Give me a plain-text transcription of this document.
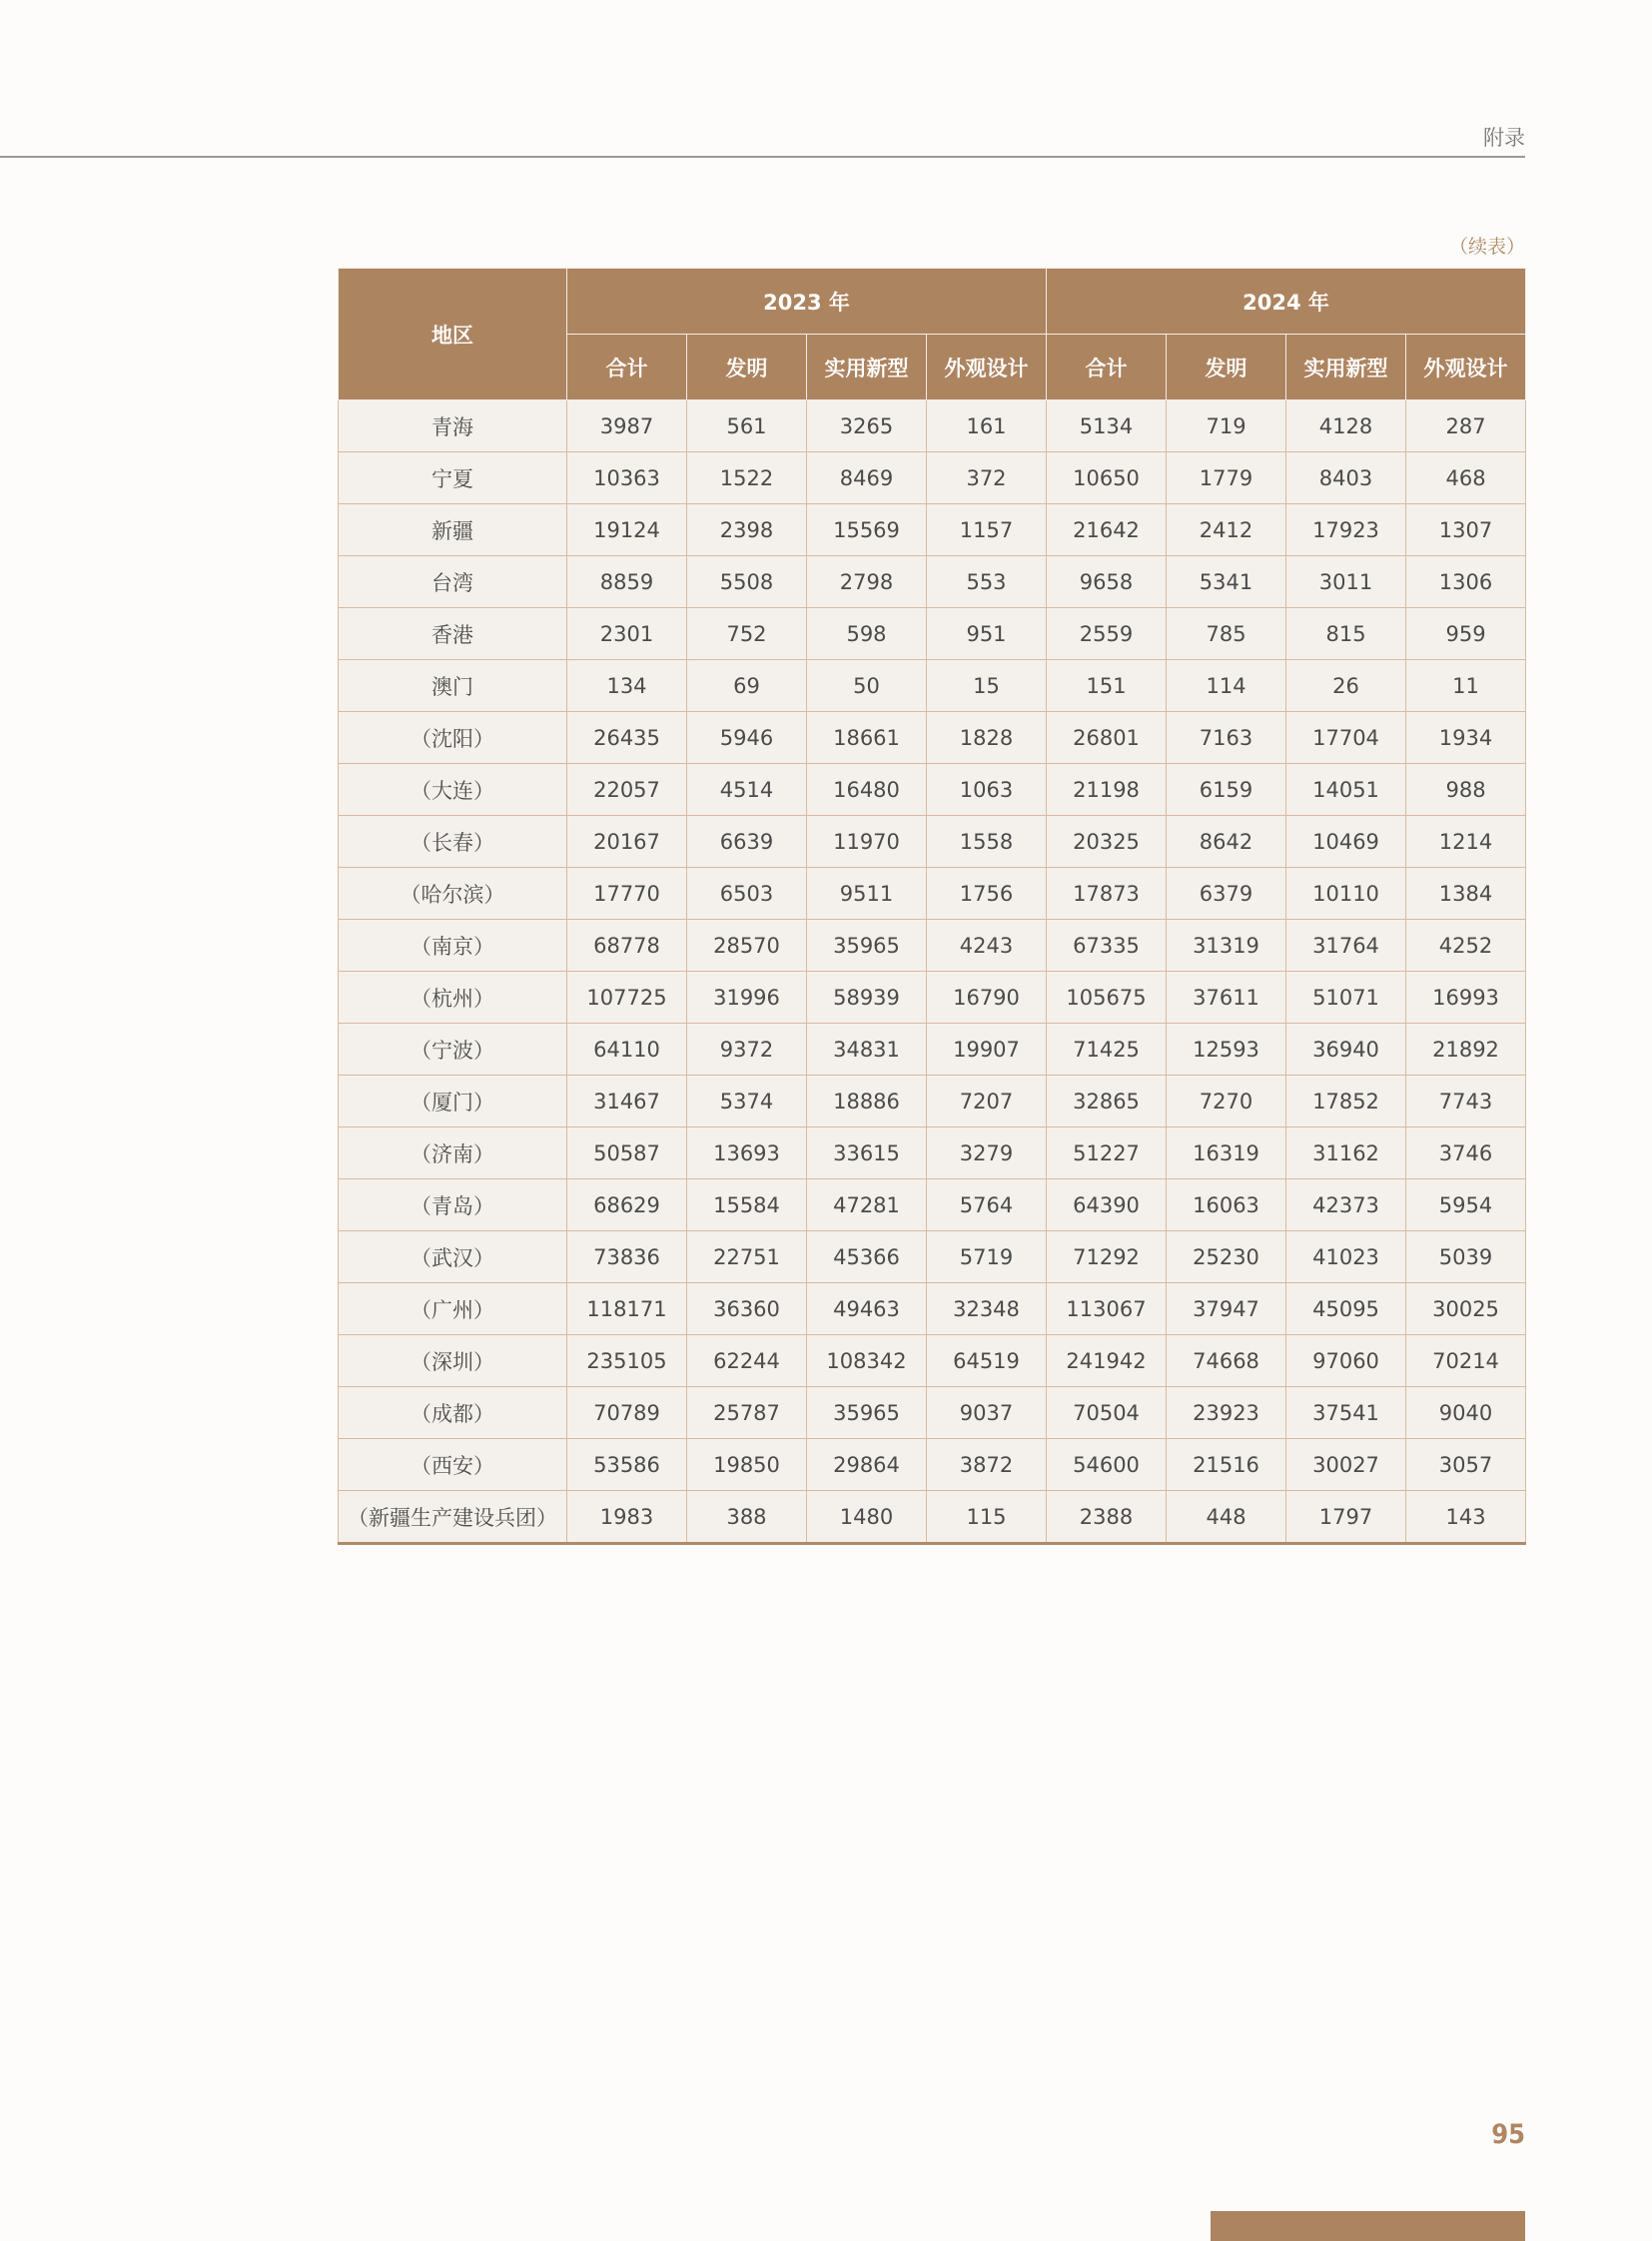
附录
（续表）
地区	2023 年				2024 年			
	合计	发明	实用新型	外观设计	合计	发明	实用新型	外观设计
青海	3987	561	3265	161	5134	719	4128	287
宁夏	10363	1522	8469	372	10650	1779	8403	468
新疆	19124	2398	15569	1157	21642	2412	17923	1307
台湾	8859	5508	2798	553	9658	5341	3011	1306
香港	2301	752	598	951	2559	785	815	959
澳门	134	69	50	15	151	114	26	11
（沈阳）	26435	5946	18661	1828	26801	7163	17704	1934
（大连）	22057	4514	16480	1063	21198	6159	14051	988
（长春）	20167	6639	11970	1558	20325	8642	10469	1214
（哈尔滨）	17770	6503	9511	1756	17873	6379	10110	1384
（南京）	68778	28570	35965	4243	67335	31319	31764	4252
（杭州）	107725	31996	58939	16790	105675	37611	51071	16993
（宁波）	64110	9372	34831	19907	71425	12593	36940	21892
（厦门）	31467	5374	18886	7207	32865	7270	17852	7743
（济南）	50587	13693	33615	3279	51227	16319	31162	3746
（青岛）	68629	15584	47281	5764	64390	16063	42373	5954
（武汉）	73836	22751	45366	5719	71292	25230	41023	5039
（广州）	118171	36360	49463	32348	113067	37947	45095	30025
（深圳）	235105	62244	108342	64519	241942	74668	97060	70214
（成都）	70789	25787	35965	9037	70504	23923	37541	9040
（西安）	53586	19850	29864	3872	54600	21516	30027	3057
（新疆生产建设兵团）	1983	388	1480	115	2388	448	1797	143
95
